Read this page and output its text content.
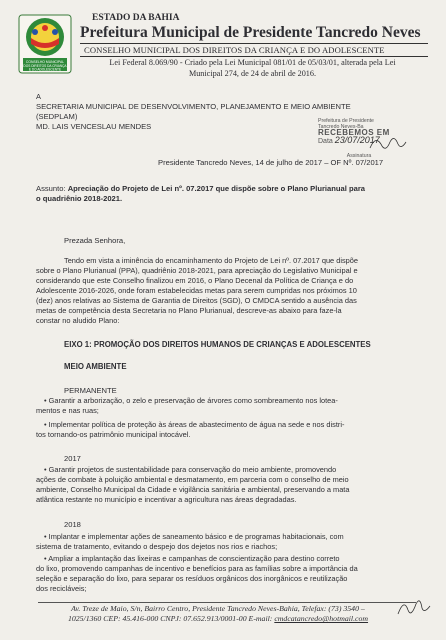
CONSELHO MUNICIPAL
DOS DIREITOS DA CRIANÇA
E DO ADOLESCENTE
ESTADO DA BAHIA
Prefeitura Municipal de Presidente Tancredo Neves
CONSELHO MUNICIPAL DOS DIREITOS DA CRIANÇA E DO ADOLESCENTE
Lei Federal 8.069/90 - Criado pela Lei Municipal 081/01 de 05/03/01, alterada pela Lei
Municipal 274, de 24 de abril de 2016.
A
SECRETARIA MUNICIPAL DE DESENVOLVIMENTO, PLANEJAMENTO E MEIO AMBIENTE
(SEDPLAM)
MD. LAIS VENCESLAU MENDES
Prefeitura de Presidente
Tancredo Neves-Ba
RECEBEMOS EM
Data 23/07/2017
Assinatura
Presidente Tancredo Neves, 14 de julho de 2017 – OF Nº. 07/2017
Assunto: Apreciação do Projeto de Lei nº. 07.2017 que dispõe sobre o Plano Plurianual para
o quadriênio 2018-2021.
Prezada Senhora,
Tendo em vista a iminência do encaminhamento do Projeto de Lei nº. 07.2017 que dispõe
sobre o Plano Plurianual (PPA), quadriênio 2018-2021, para apreciação do Legislativo Municipal e
considerando que este Conselho finalizou em 2016, o Plano Decenal da Política de Criança e do
Adolescente 2016-2026, onde foram estabelecidas metas para serem cumpridas nos próximos 10
(dez) anos relativas ao Sistema de Garantia de Direitos (SGD), O CMDCA sentido a ausência das
metas de competência desta Secretaria no Plano Plurianual, descreve-as abaixo para faze-la
constar no aludido Plano:
EIXO 1: PROMOÇÃO DOS DIREITOS HUMANOS DE CRIANÇAS E ADOLESCENTES
MEIO AMBIENTE
PERMANENTE
• Garantir a arborização, o zelo e preservação de árvores como sombreamento nos lotea-
mentos e nas ruas;
• Implementar política de proteção às áreas de abastecimento de água na sede e nos distri-
tos tornando-os patrimônio municipal intocável.
2017
• Garantir projetos de sustentabilidade para conservação do meio ambiente, promovendo
ações de combate à poluição ambiental e desmatamento, em parceria com o conselho de meio
ambiente, Conselho Municipal da Cidade e vigilância sanitária e ambiental, preservando a mata
atlântica restante no município e incentivar a agricultura nas áreas degradadas.
2018
• Implantar e implementar ações de saneamento básico e de programas habitacionais, com
sistema de tratamento, evitando o despejo dos dejetos nos rios e riachos;
• Ampliar a implantação das lixeiras e campanhas de conscientização para destino correto
do lixo, promovendo campanhas de incentivo e benefícios para as famílias sobre a importância da
seleção e separação do lixo, para separar os resíduos orgânicos dos inorgânicos e reutilização
dos recicláveis;
Av. Treze de Maio, S/n, Bairro Centro, Presidente Tancredo Neves-Bahia, Telefax: (73) 3540 –
1025/1360 CEP: 45.416-000 CNPJ: 07.652.913/0001-00 E-mail: cmdcatancredo@hotmail.com
